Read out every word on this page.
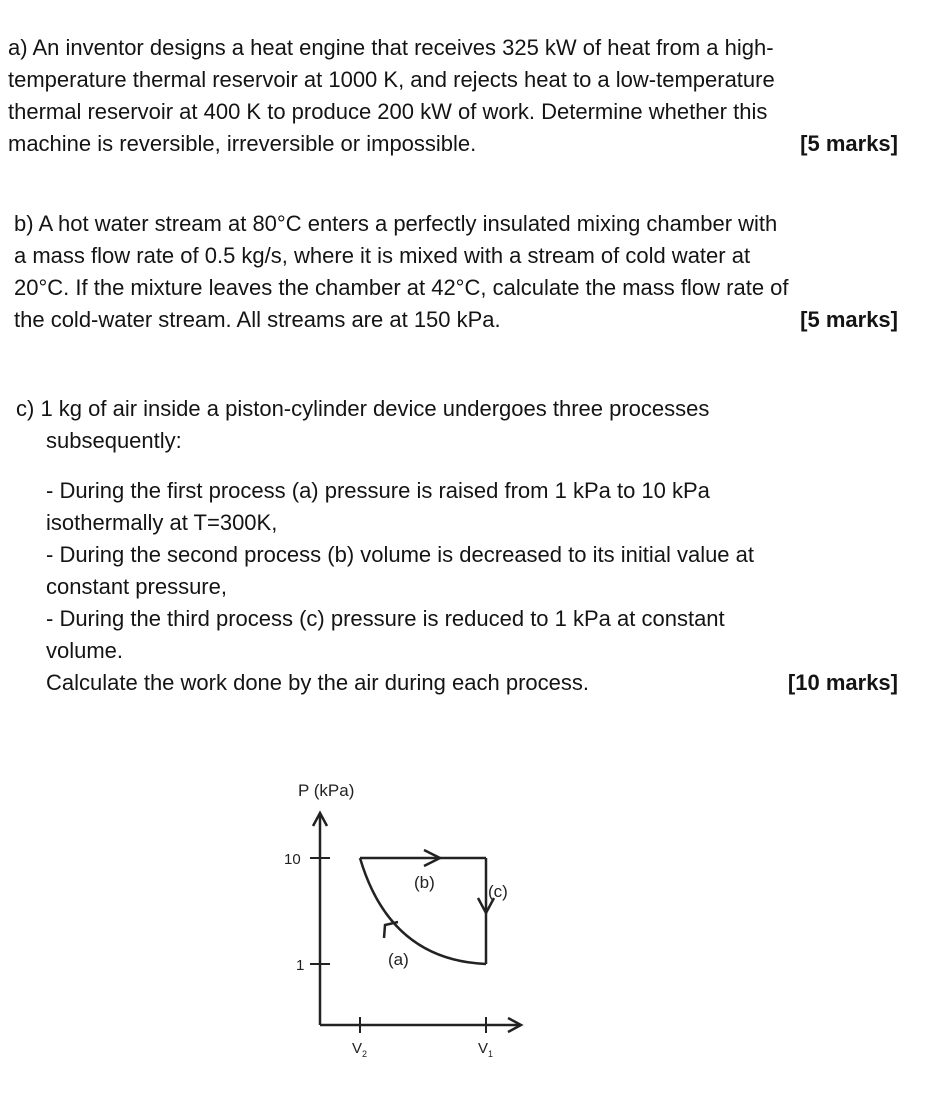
a) An inventor designs a heat engine that receives 325 kW of heat from a high-
temperature thermal reservoir at 1000 K, and rejects heat to a low-temperature
thermal reservoir at 400 K to produce 200 kW of work. Determine whether this
machine is reversible, irreversible or impossible.	[5 marks]
b) A hot water stream at 80°C enters a perfectly insulated mixing chamber with
a mass flow rate of 0.5 kg/s, where it is mixed with a stream of cold water at
20°C. If the mixture leaves the chamber at 42°C, calculate the mass flow rate of
the cold-water stream. All streams are at 150 kPa.	[5 marks]
c) 1 kg of air inside a piston-cylinder device undergoes three processes
subsequently:
- During the first process (a) pressure is raised from 1 kPa to 10 kPa
isothermally at T=300K,
- During the second process (b) volume is decreased to its initial value at
constant pressure,
- During the third process (c) pressure is reduced to 1 kPa at constant
volume.
Calculate the work done by the air during each process.	[10 marks]
P (kPa)
10
1
$V_2$	$V_1$
(a)
(b)	(c)
